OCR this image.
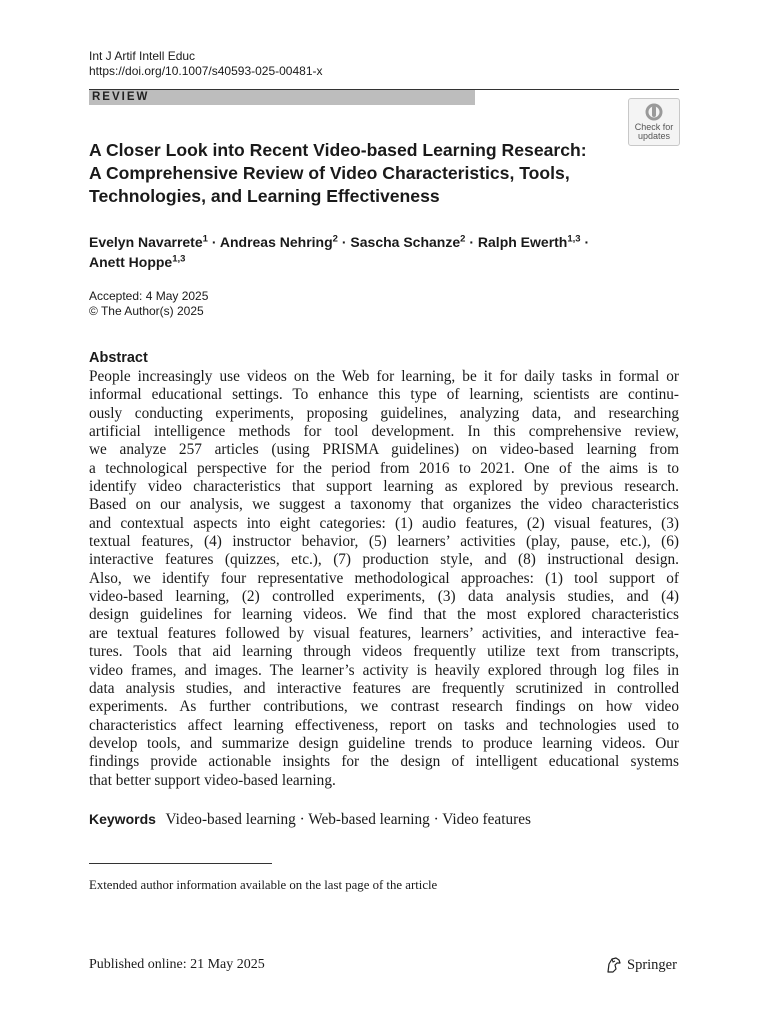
Int J Artif Intell Educ
https://doi.org/10.1007/s40593-025-00481-x
REVIEW
Check for
updates
A Closer Look into Recent Video-based Learning Research:
A Comprehensive Review of Video Characteristics, Tools,
Technologies, and Learning Effectiveness
Evelyn Navarrete$^1$ · Andreas Nehring$^2$ · Sascha Schanze$^2$ · Ralph Ewerth$^{1,3}$ ·
Anett Hoppe$^{1,3}$
Accepted: 4 May 2025
© The Author(s) 2025
Abstract
People increasingly use videos on the Web for learning, be it for daily tasks in formal or
informal educational settings. To enhance this type of learning, scientists are continu-
ously conducting experiments, proposing guidelines, analyzing data, and researching
artificial intelligence methods for tool development. In this comprehensive review,
we analyze 257 articles (using PRISMA guidelines) on video-based learning from
a technological perspective for the period from 2016 to 2021. One of the aims is to
identify video characteristics that support learning as explored by previous research.
Based on our analysis, we suggest a taxonomy that organizes the video characteristics
and contextual aspects into eight categories: (1) audio features, (2) visual features, (3)
textual features, (4) instructor behavior, (5) learners’ activities (play, pause, etc.), (6)
interactive features (quizzes, etc.), (7) production style, and (8) instructional design.
Also, we identify four representative methodological approaches: (1) tool support of
video-based learning, (2) controlled experiments, (3) data analysis studies, and (4)
design guidelines for learning videos. We find that the most explored characteristics
are textual features followed by visual features, learners’ activities, and interactive fea-
tures. Tools that aid learning through videos frequently utilize text from transcripts,
video frames, and images. The learner’s activity is heavily explored through log files in
data analysis studies, and interactive features are frequently scrutinized in controlled
experiments. As further contributions, we contrast research findings on how video
characteristics affect learning effectiveness, report on tasks and technologies used to
develop tools, and summarize design guideline trends to produce learning videos. Our
findings provide actionable insights for the design of intelligent educational systems
that better support video-based learning.
Keywords Video-based learning · Web-based learning · Video features
Extended author information available on the last page of the article
Published online: 21 May 2025	Springer
